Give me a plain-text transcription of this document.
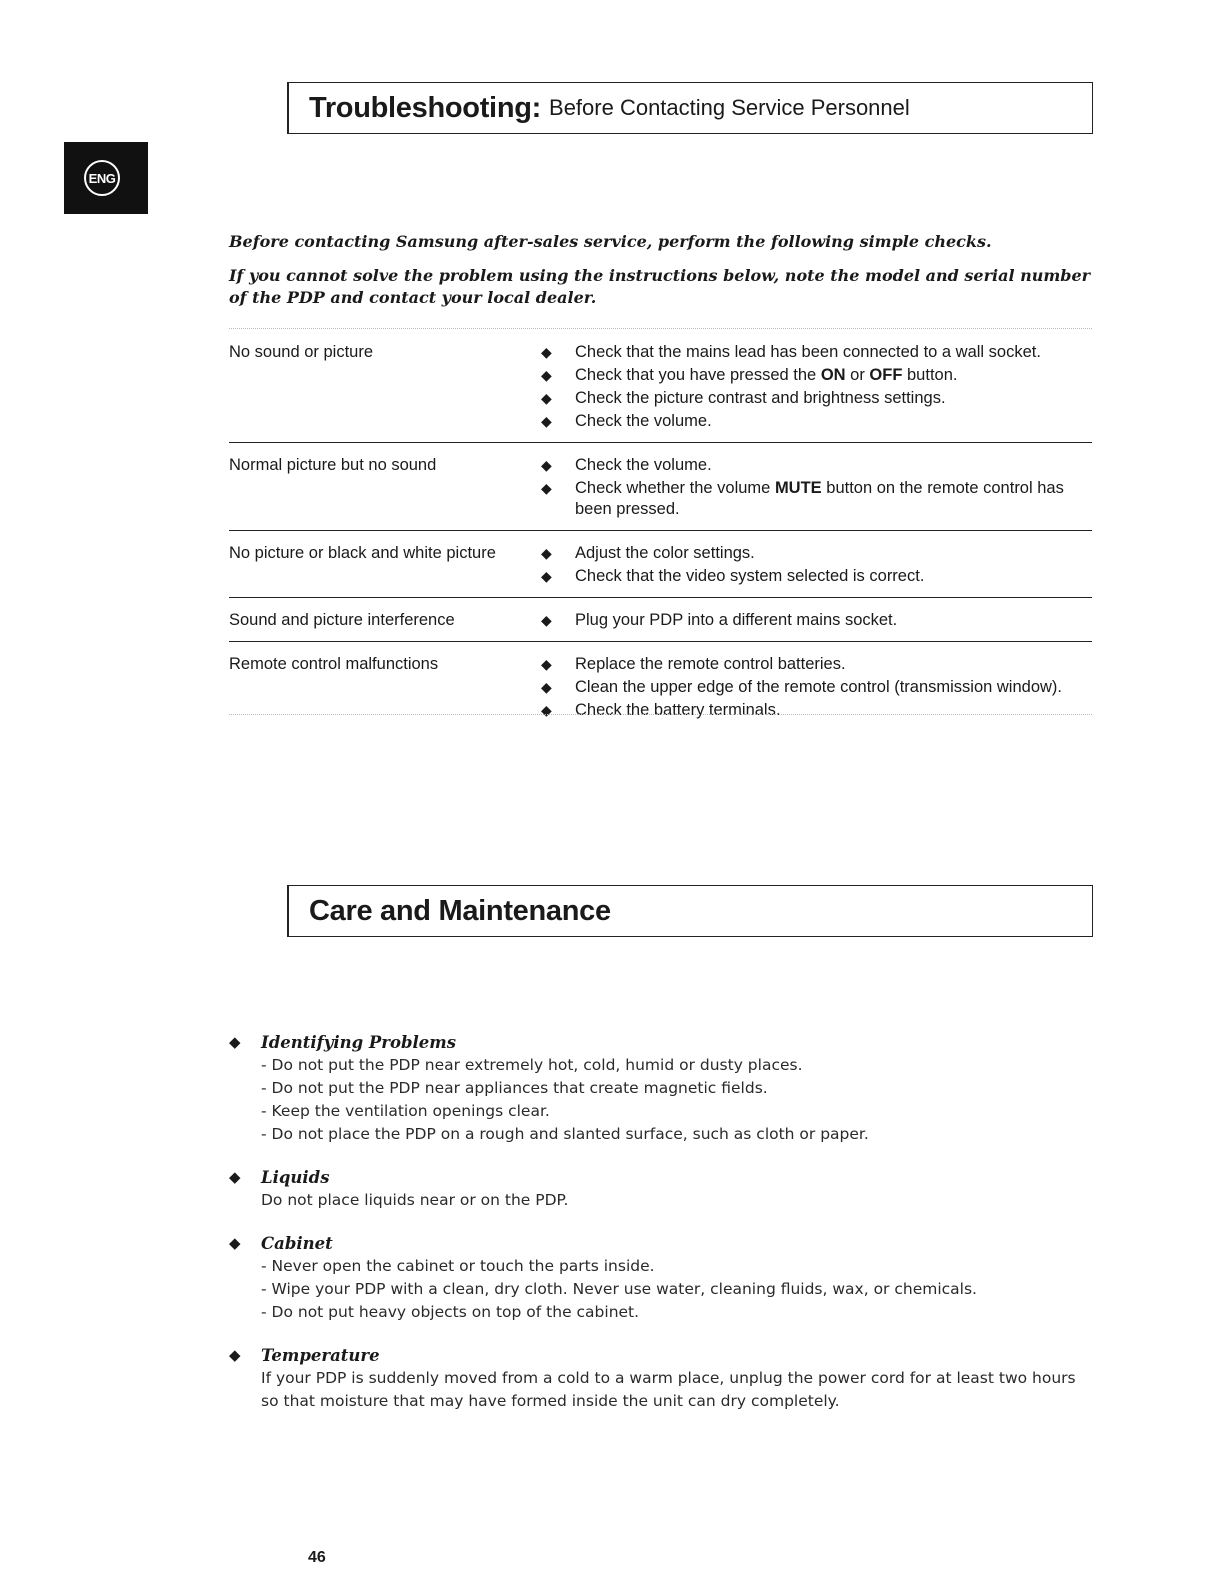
ENG
Troubleshooting: Before Contacting Service Personnel
Before contacting Samsung after-sales service, perform the following simple checks.
If you cannot solve the problem using the instructions below, note the model and serial number of the PDP and contact your local dealer.
No sound or picture	◆	Check that the mains lead has been connected to a wall socket.
◆	Check that you have pressed the ON or OFF button.
◆	Check the picture contrast and brightness settings.
◆	Check the volume.
Normal picture but no sound	◆	Check the volume.
◆	Check whether the volume MUTE button on the remote control has been pressed.
No picture or black and white picture	◆	Adjust the color settings.
◆	Check that the video system selected is correct.
Sound and picture interference	◆	Plug your PDP into a different mains socket.
Remote control malfunctions	◆	Replace the remote control batteries.
◆	Clean the upper edge of the remote control (transmission window).
◆	Check the battery terminals.
Care and Maintenance
◆	Identifying Problems
- Do not put the PDP near extremely hot, cold, humid or dusty places.
- Do not put the PDP near appliances that create magnetic fields.
- Keep the ventilation openings clear.
- Do not place the PDP on a rough and slanted surface, such as cloth or paper.
◆	Liquids
Do not place liquids near or on the PDP.
◆	Cabinet
- Never open the cabinet or touch the parts inside.
- Wipe your PDP with a clean, dry cloth. Never use water, cleaning fluids, wax, or chemicals.
- Do not put heavy objects on top of the cabinet.
◆	Temperature
If your PDP is suddenly moved from a cold to a warm place, unplug the power cord for at least two hours so that moisture that may have formed inside the unit can dry completely.
46
